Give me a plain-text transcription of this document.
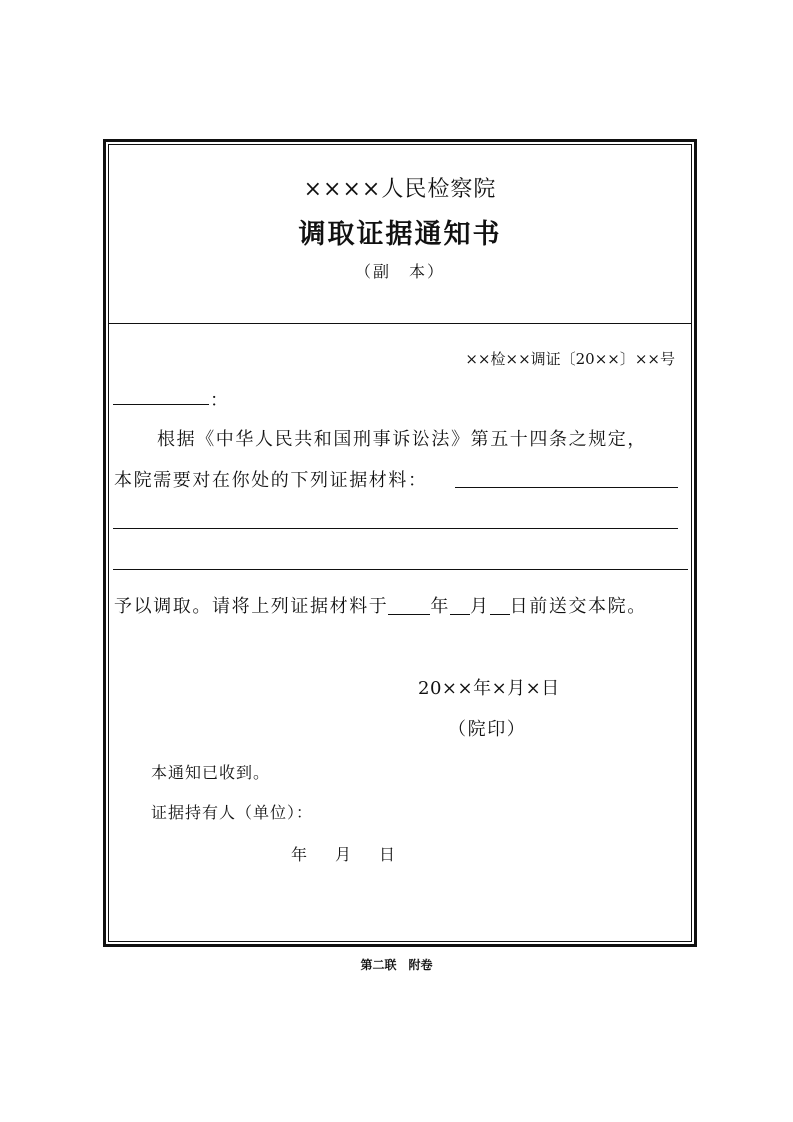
××××人民检察院
调取证据通知书
（副　本）
××检××调证〔20××〕××号
：
根据《中华人民共和国刑事诉讼法》第五十四条之规定，
本院需要对在你处的下列证据材料：
予以调取。请将上列证据材料于 年 月 日前送交本院。
20××年×月×日
（院印）
本通知已收到。
证据持有人（单位）：
年　月　日
第二联　附卷
